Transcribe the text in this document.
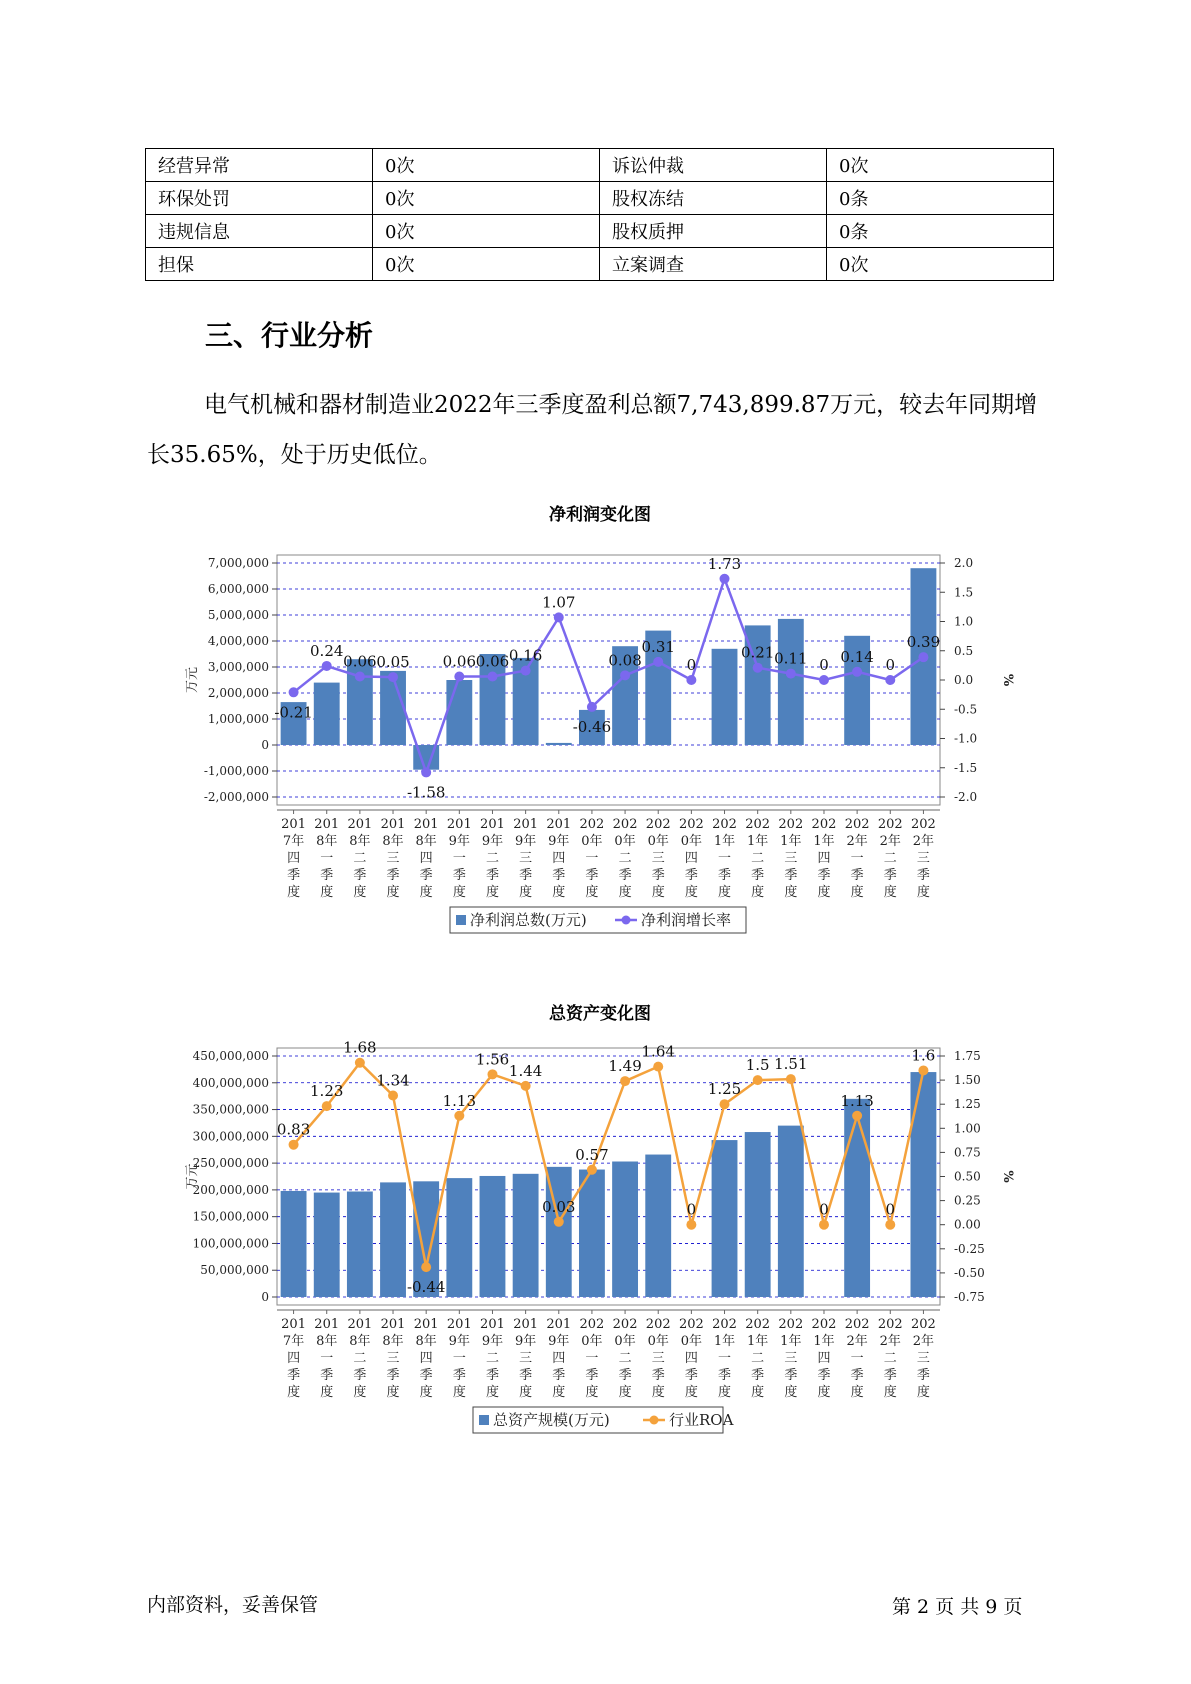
经营异常	0次	诉讼仲裁	0次
环保处罚	0次	股权冻结	0条
违规信息	0次	股权质押	0条
担保	0次	立案调查	0次
三、行业分析

电气机械和器材制造业2022年三季度盈利总额7,743,899.87万元，较去年同期增长35.65%，处于历史低位。

净利润变化图
7,000,000
6,000,000
5,000,000
4,000,000
3,000,000
2,000,000
1,000,000
0
-1,000,000
-2,000,000
2.0
1.5
1.0
0.5
0.0
-0.5
-1.0
-1.5
-2.0
万元	%
-0.21
0.24
0.06 0.05
-1.58
0.06 0.06 0.16
1.07
-0.46
0.08
0.31
0
1.73
0.21 0.11 0 0.14 0
0.39
201
7年
四
季
度
201
8年
一
季
度
201
8年
二
季
度
201
8年
三
季
度
201
8年
四
季
度
201
9年
一
季
度
201
9年
二
季
度
201
9年
三
季
度
201
9年
四
季
度
202
0年
一
季
度
202
0年
二
季
度
202
0年
三
季
度
202
0年
四
季
度
202
1年
一
季
度
202
1年
二
季
度
202
1年
三
季
度
202
1年
四
季
度
202
2年
一
季
度
202
2年
二
季
度
202
2年
三
季
度
净利润总数(万元)	净利润增长率
总资产变化图
450,000,000
400,000,000
350,000,000
300,000,000
250,000,000
200,000,000
150,000,000
100,000,000
50,000,000
0
1.75
1.50
1.25
1.00
0.75
0.50
0.25
0.00
-0.25
-0.50
-0.75
万元	%
0.83
1.23
1.68
1.34
-0.44
1.13
1.56
1.44
0.03
0.57
1.49
1.64
0
1.25
1.5 1.51
0
1.13
0
1.6
201
7年
四
季
度
201
8年
一
季
度
201
8年
二
季
度
201
8年
三
季
度
201
8年
四
季
度
201
9年
一
季
度
201
9年
二
季
度
201
9年
三
季
度
201
9年
四
季
度
202
0年
一
季
度
202
0年
二
季
度
202
0年
三
季
度
202
0年
四
季
度
202
1年
一
季
度
202
1年
二
季
度
202
1年
三
季
度
202
1年
四
季
度
202
2年
一
季
度
202
2年
二
季
度
202
2年
三
季
度
总资产规模(万元)	行业ROA
内部资料，妥善保管	第 2 页 共 9 页
